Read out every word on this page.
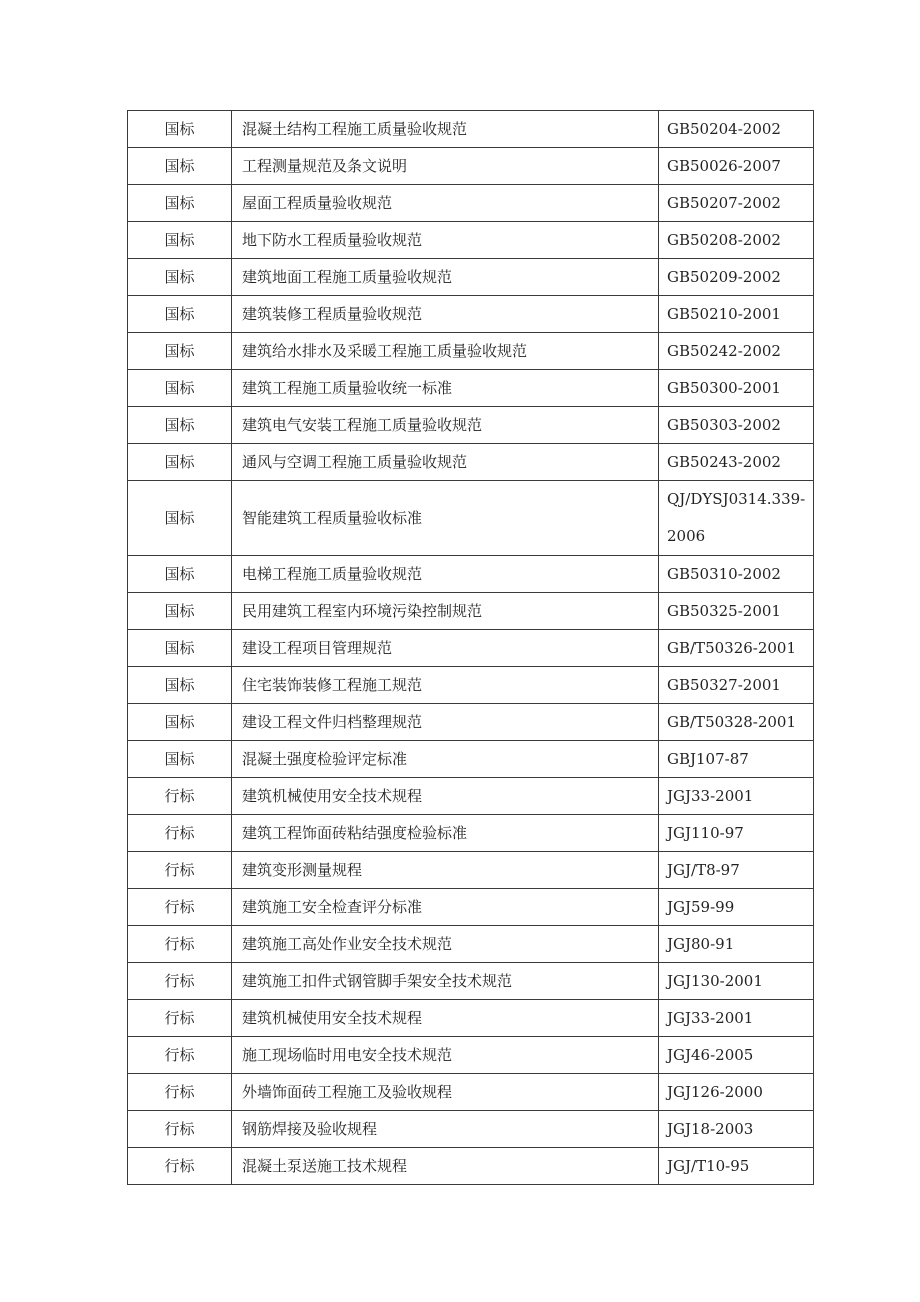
国标	混凝土结构工程施工质量验收规范	GB50204-2002
国标	工程测量规范及条文说明	GB50026-2007
国标	屋面工程质量验收规范	GB50207-2002
国标	地下防水工程质量验收规范	GB50208-2002
国标	建筑地面工程施工质量验收规范	GB50209-2002
国标	建筑装修工程质量验收规范	GB50210-2001
国标	建筑给水排水及采暖工程施工质量验收规范	GB50242-2002
国标	建筑工程施工质量验收统一标准	GB50300-2001
国标	建筑电气安装工程施工质量验收规范	GB50303-2002
国标	通风与空调工程施工质量验收规范	GB50243-2002
国标	智能建筑工程质量验收标准	QJ/DYSJ0314.339-2006

国标	电梯工程施工质量验收规范	GB50310-2002
国标	民用建筑工程室内环境污染控制规范	GB50325-2001
国标	建设工程项目管理规范	GB/T50326-2001
国标	住宅装饰装修工程施工规范	GB50327-2001
国标	建设工程文件归档整理规范	GB/T50328-2001
国标	混凝土强度检验评定标准	GBJ107-87
行标	建筑机械使用安全技术规程	JGJ33-2001
行标	建筑工程饰面砖粘结强度检验标准	JGJ110-97
行标	建筑变形测量规程	JGJ/T8-97
行标	建筑施工安全检查评分标准	JGJ59-99
行标	建筑施工高处作业安全技术规范	JGJ80-91
行标	建筑施工扣件式钢管脚手架安全技术规范	JGJ130-2001
行标	建筑机械使用安全技术规程	JGJ33-2001
行标	施工现场临时用电安全技术规范	JGJ46-2005
行标	外墙饰面砖工程施工及验收规程	JGJ126-2000
行标	钢筋焊接及验收规程	JGJ18-2003
行标	混凝土泵送施工技术规程	JGJ/T10-95
